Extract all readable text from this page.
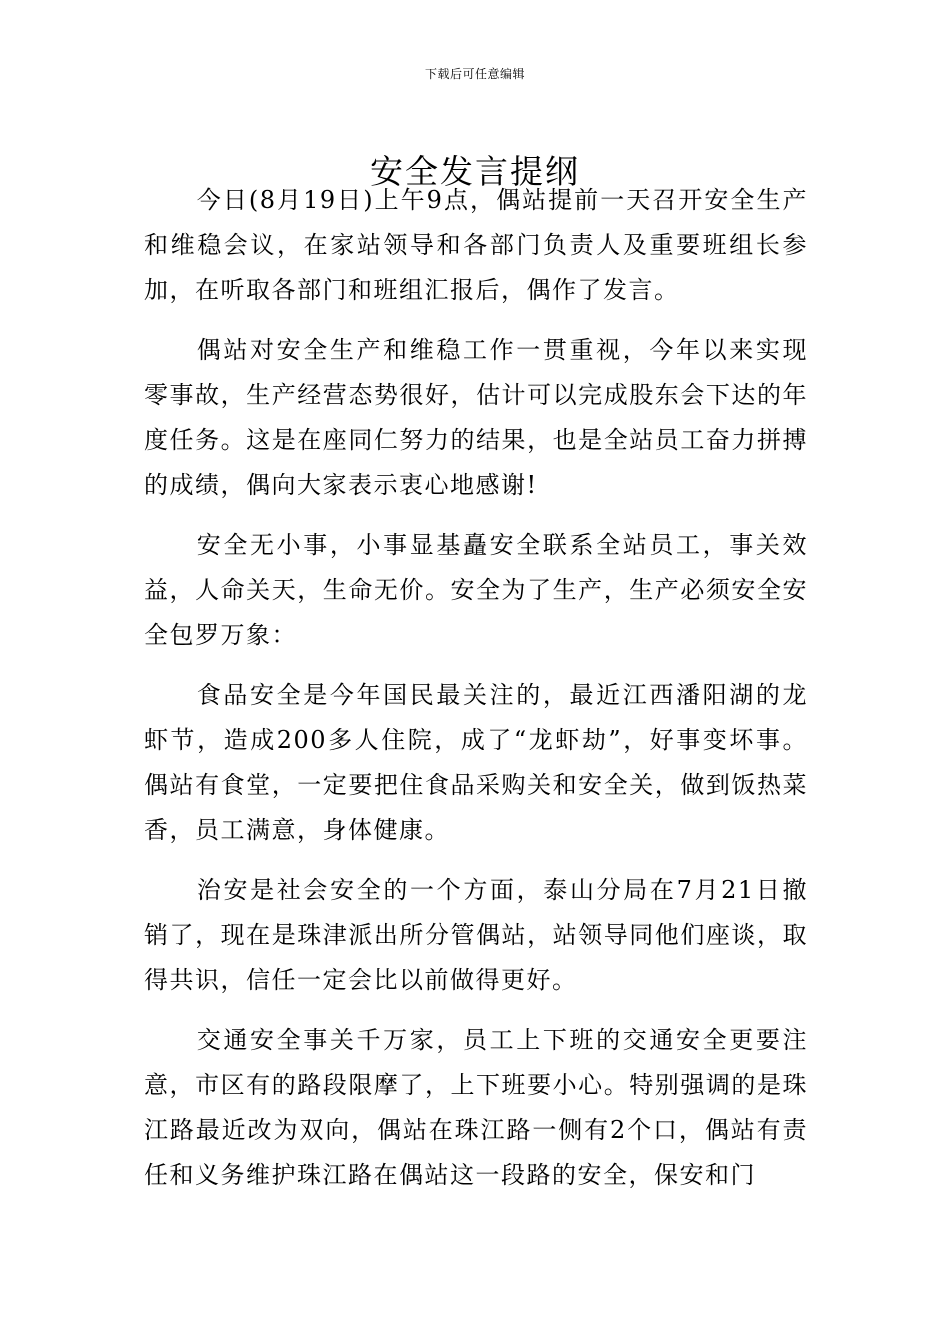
下载后可任意编辑
安全发言提纲

今日(8月19日)上午9点，偶站提前一天召开安全生产和维稳会议，在家站领导和各部门负责人及重要班组长参加，在听取各部门和班组汇报后，偶作了发言。

偶站对安全生产和维稳工作一贯重视，今年以来实现零事故，生产经营态势很好，估计可以完成股东会下达的年度任务。这是在座同仁努力的结果，也是全站员工奋力拼搏的成绩，偶向大家表示衷心地感谢!

安全无小事，小事显基矗安全联系全站员工，事关效益，人命关天，生命无价。安全为了生产，生产必须安全安全包罗万象：

食品安全是今年国民最关注的，最近江西潘阳湖的龙虾节，造成200多人住院，成了“龙虾劫”，好事变坏事。偶站有食堂，一定要把住食品采购关和安全关，做到饭热菜香，员工满意，身体健康。

治安是社会安全的一个方面，泰山分局在7月21日撤销了，现在是珠津派出所分管偶站，站领导同他们座谈，取得共识，信任一定会比以前做得更好。

交通安全事关千万家，员工上下班的交通安全更要注意，市区有的路段限摩了，上下班要小心。特别强调的是珠江路最近改为双向，偶站在珠江路一侧有2个口，偶站有责任和义务维护珠江路在偶站这一段路的安全，保安和门
